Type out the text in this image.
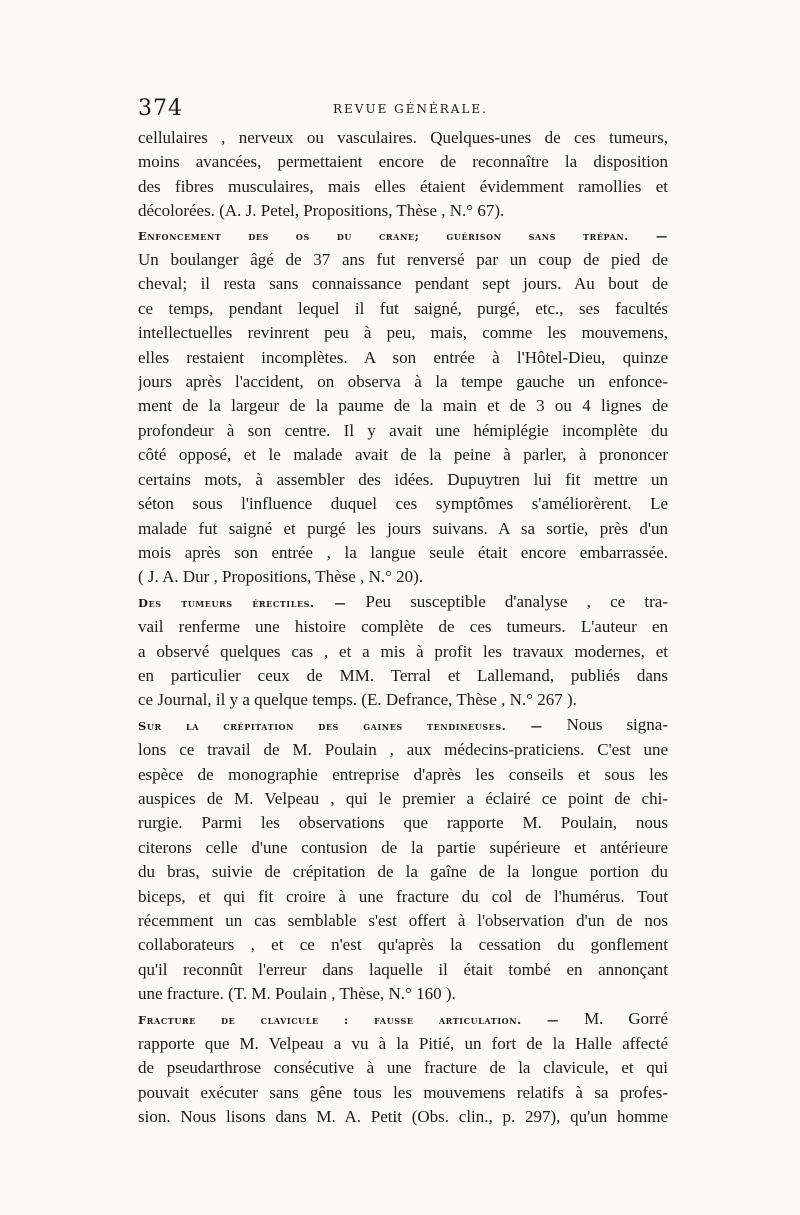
374	REVUE GÉNÉRALE.
cellulaires , nerveux ou vasculaires. Quelques-unes de ces tumeurs,
moins avancées, permettaient encore de reconnaître la disposition
des fibres musculaires, mais elles étaient évidemment ramollies et
décolorées. (A. J. Petel, Propositions, Thèse , N.° 67).
Enfoncement des os du crane; guérison sans trépan. —
Un boulanger âgé de 37 ans fut renversé par un coup de pied de
cheval; il resta sans connaissance pendant sept jours. Au bout de
ce temps, pendant lequel il fut saigné, purgé, etc., ses facultés
intellectuelles revinrent peu à peu, mais, comme les mouvemens,
elles restaient incomplètes. A son entrée à l'Hôtel-Dieu, quinze
jours après l'accident, on observa à la tempe gauche un enfonce-
ment de la largeur de la paume de la main et de 3 ou 4 lignes de
profondeur à son centre. Il y avait une hémiplégie incomplète du
côté opposé, et le malade avait de la peine à parler, à prononcer
certains mots, à assembler des idées. Dupuytren lui fit mettre un
séton sous l'influence duquel ces symptômes s'améliorèrent. Le
malade fut saigné et purgé les jours suivans. A sa sortie, près d'un
mois après son entrée , la langue seule était encore embarrassée.
( J. A. Dur , Propositions, Thèse , N.° 20).
Des tumeurs érectiles. — Peu susceptible d'analyse , ce tra-
vail renferme une histoire complète de ces tumeurs. L'auteur en
a observé quelques cas , et a mis à profit les travaux modernes, et
en particulier ceux de MM. Terral et Lallemand, publiés dans
ce Journal, il y a quelque temps. (E. Defrance, Thèse , N.° 267 ).
Sur la crépitation des gaines tendineuses. — Nous signa-
lons ce travail de M. Poulain , aux médecins-praticiens. C'est une
espèce de monographie entreprise d'après les conseils et sous les
auspices de M. Velpeau , qui le premier a éclairé ce point de chi-
rurgie. Parmi les observations que rapporte M. Poulain, nous
citerons celle d'une contusion de la partie supérieure et antérieure
du bras, suivie de crépitation de la gaîne de la longue portion du
biceps, et qui fit croire à une fracture du col de l'humérus. Tout
récemment un cas semblable s'est offert à l'observation d'un de nos
collaborateurs , et ce n'est qu'après la cessation du gonflement
qu'il reconnût l'erreur dans laquelle il était tombé en annonçant
une fracture. (T. M. Poulain , Thèse, N.° 160 ).
Fracture de clavicule : fausse articulation. — M. Gorré
rapporte que M. Velpeau a vu à la Pitié, un fort de la Halle affecté
de pseudarthrose consécutive à une fracture de la clavicule, et qui
pouvait exécuter sans gêne tous les mouvemens relatifs à sa profes-
sion. Nous lisons dans M. A. Petit (Obs. clin., p. 297), qu'un homme
